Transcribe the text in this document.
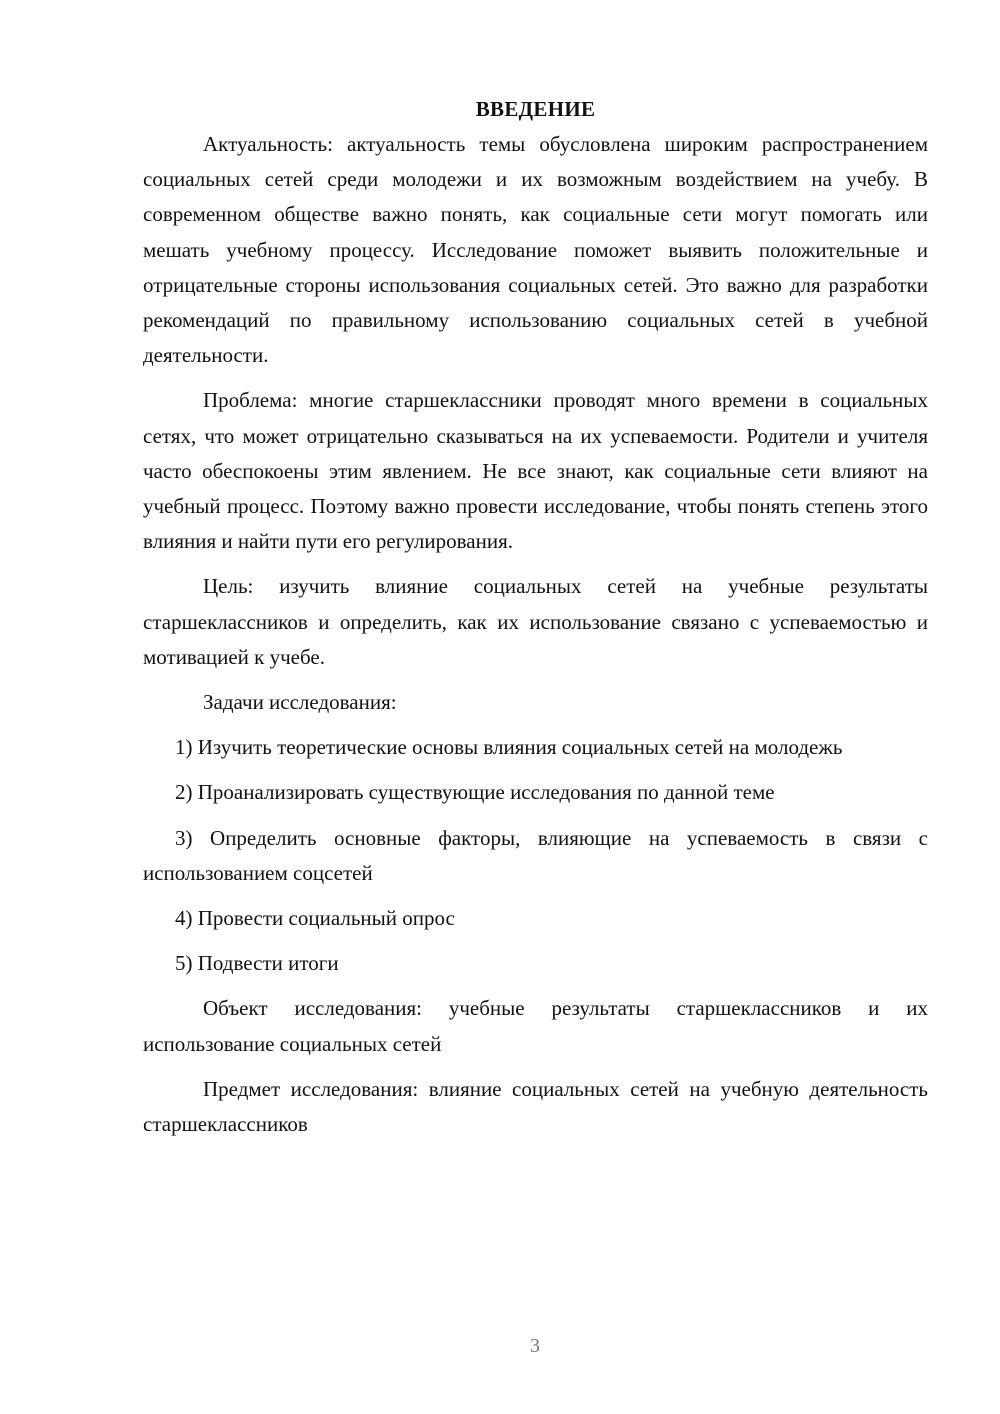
ВВЕДЕНИЕ

Актуальность: актуальность темы обусловлена широким распространением социальных сетей среди молодежи и их возможным воздействием на учебу. В современном обществе важно понять, как социальные сети могут помогать или мешать учебному процессу. Исследование поможет выявить положительные и отрицательные стороны использования социальных сетей. Это важно для разработки рекомендаций по правильному использованию социальных сетей в учебной деятельности.

Проблема: многие старшеклассники проводят много времени в социальных сетях, что может отрицательно сказываться на их успеваемости. Родители и учителя часто обеспокоены этим явлением. Не все знают, как социальные сети влияют на учебный процесс. Поэтому важно провести исследование, чтобы понять степень этого влияния и найти пути его регулирования.

Цель: изучить влияние социальных сетей на учебные результаты старшеклассников и определить, как их использование связано с успеваемостью и мотивацией к учебе.

Задачи исследования:

1) Изучить теоретические основы влияния социальных сетей на молодежь

2) Проанализировать существующие исследования по данной теме

3) Определить основные факторы, влияющие на успеваемость в связи с использованием соцсетей

4) Провести социальный опрос

5) Подвести итоги

Объект исследования: учебные результаты старшеклассников и их использование социальных сетей

Предмет исследования: влияние социальных сетей на учебную деятельность старшеклассников

3
